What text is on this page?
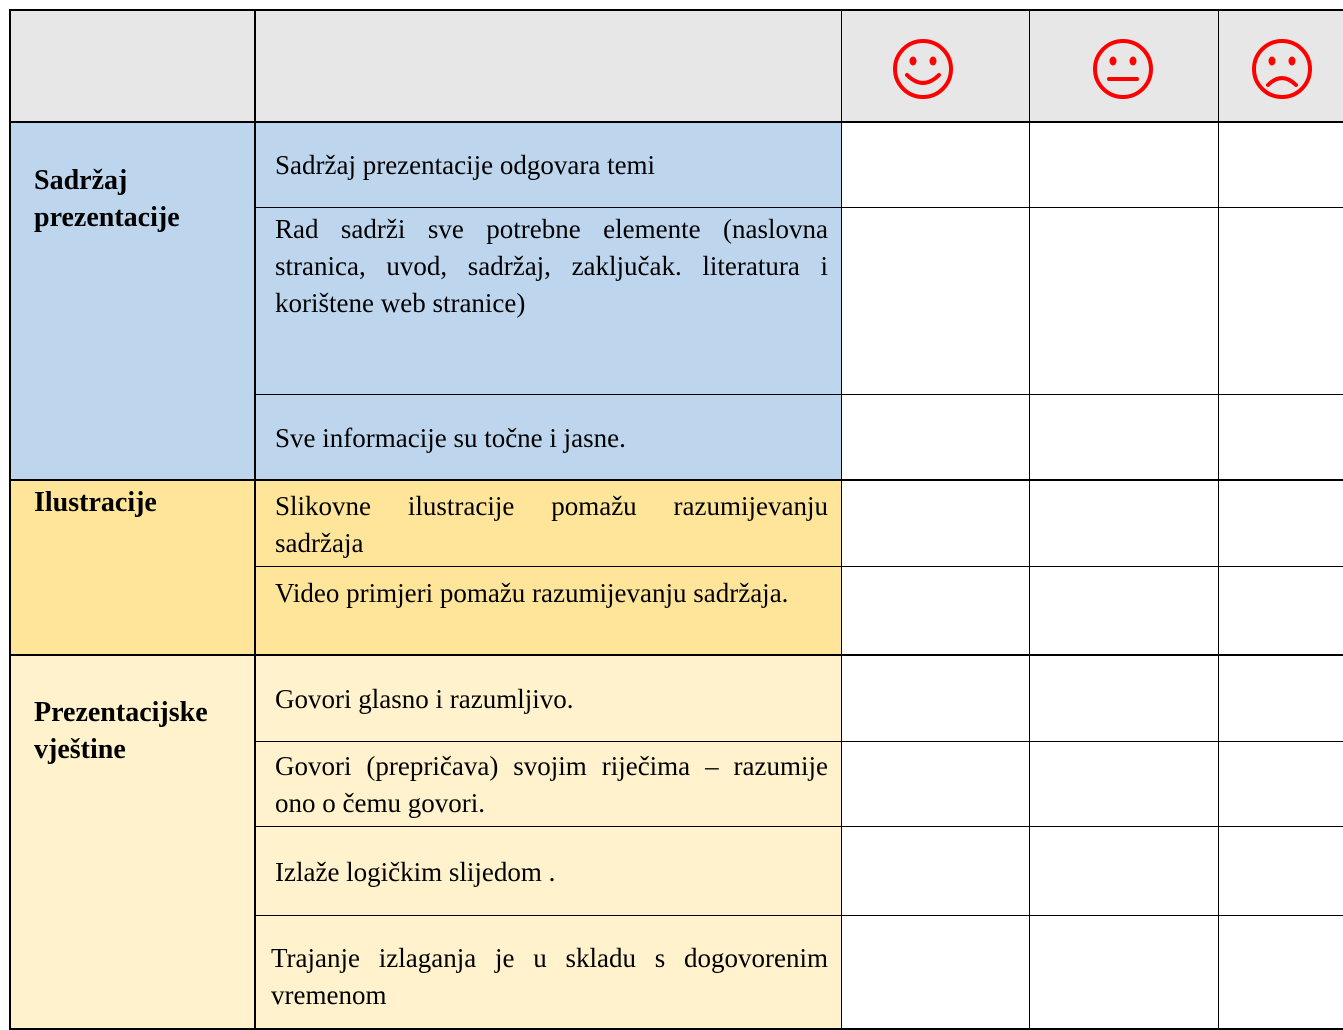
Sadržaj prezentacije
Sadržaj prezentacije odgovara temi
Rad sadrži sve potrebne elemente (naslovna stranica, uvod, sadržaj, zaključak. literatura i korištene web stranice)
Sve informacije su točne i jasne.
Ilustracije	Slikovne ilustracije pomažu razumijevanju sadržaja
Video primjeri pomažu razumijevanju sadržaja.
Prezentacijske vještine
Govori glasno i razumljivo.
Govori (prepričava) svojim riječima – razumije ono o čemu govori.
Izlaže logičkim slijedom .
Trajanje izlaganja je u skladu s dogovorenim vremenom
